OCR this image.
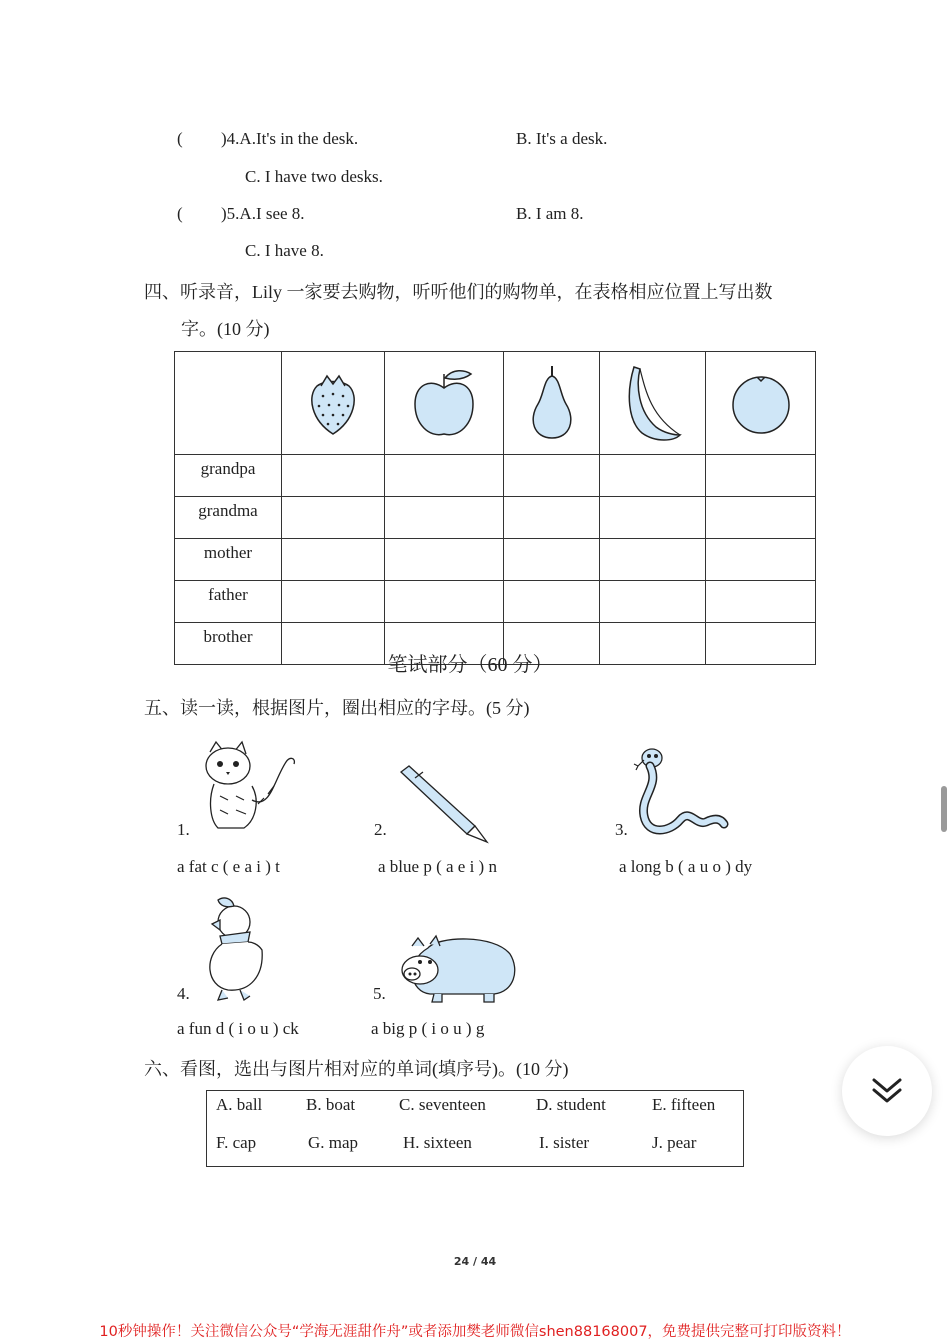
( )4.A.It's in the desk.	B. It's a desk.
C. I have two desks.
( )5.A.I see 8.	B. I am 8.
C. I have 8.
四、听录音，Lily 一家要去购物，听听他们的购物单，在表格相应位置上写出数
字。(10 分)

grandpa					
grandma					
mother					
father					
brother					
笔试部分（60 分）
五、读一读，根据图片，圈出相应的字母。(5 分)
1.
a fat c ( e a i ) t
2.
a blue p ( a e i ) n
3.
a long b ( a u o ) dy
4.
a fun d ( i o u ) ck
5.
a big p ( i o u ) g
六、看图，选出与图片相对应的单词(填序号)。(10 分)
A. ball	B. boat	C. seventeen	D. student	E. fifteen
F. cap	G. map	H. sixteen	I. sister	J. pear
24 / 44
10秒钟操作！关注微信公众号“学海无涯甜作舟”或者添加樊老师微信shen88168007，免费提供完整可打印版资料！
